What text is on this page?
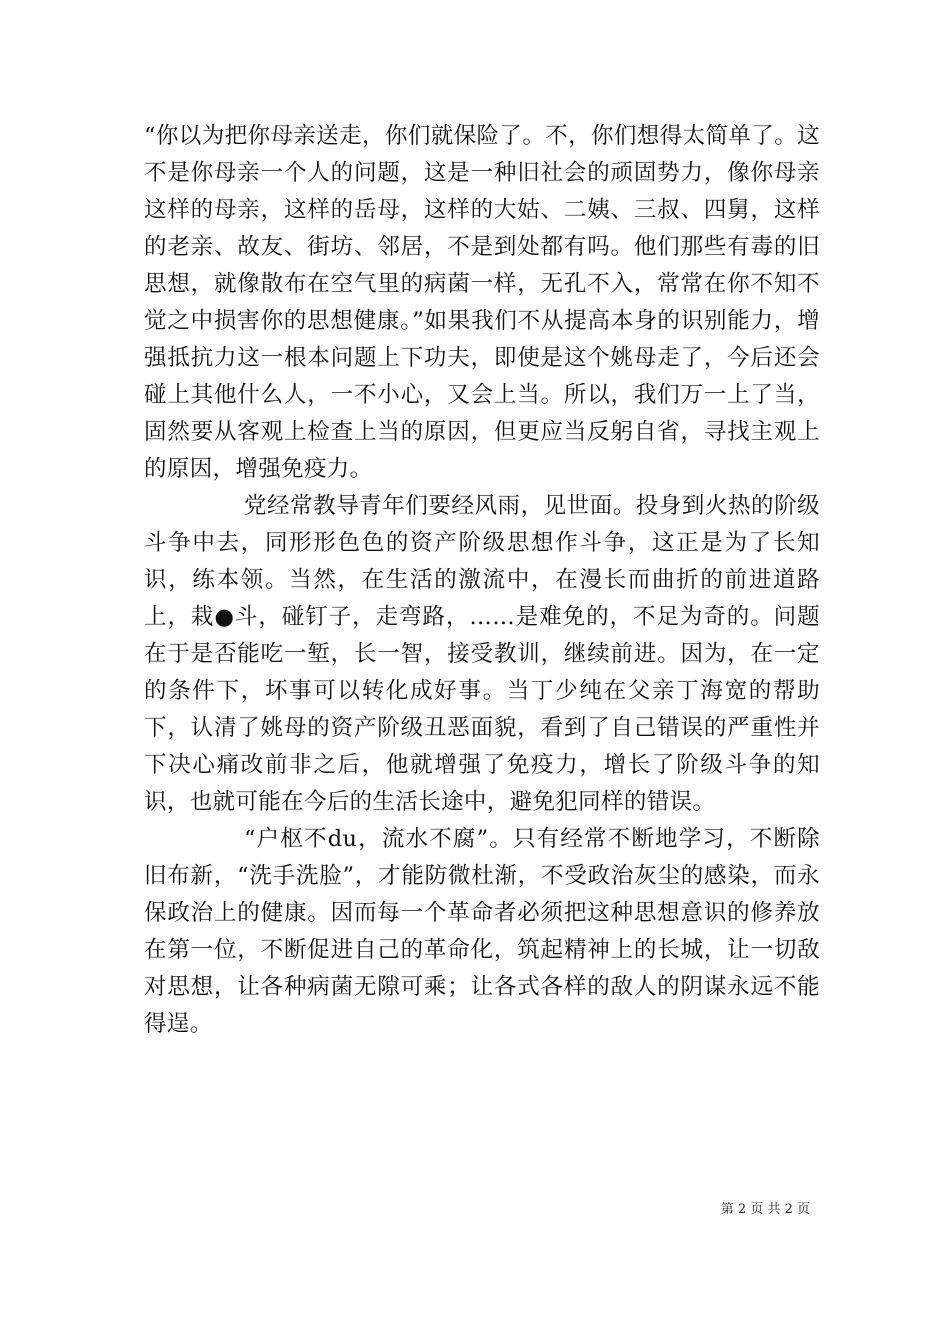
“你以为把你母亲送走，你们就保险了。不，你们想得太简单了。这不是你母亲一个人的问题，这是一种旧社会的顽固势力，像你母亲这样的母亲，这样的岳母，这样的大姑、二姨、三叔、四舅，这样的老亲、故友、街坊、邻居，不是到处都有吗。他们那些有毒的旧思想，就像散布在空气里的病菌一样，无孔不入，常常在你不知不觉之中损害你的思想健康。”如果我们不从提高本身的识别能力，增强抵抗力这一根本问题上下功夫，即使是这个姚母走了，今后还会碰上其他什么人，一不小心，又会上当。所以，我们万一上了当，固然要从客观上检查上当的原因，但更应当反躬自省，寻找主观上的原因，增强免疫力。

党经常教导青年们要经风雨，见世面。投身到火热的阶级斗争中去，同形形色色的资产阶级思想作斗争，这正是为了长知识，练本领。当然，在生活的激流中，在漫长而曲折的前进道路上，栽●斗，碰钉子，走弯路，……是难免的，不足为奇的。问题在于是否能吃一堑，长一智，接受教训，继续前进。因为，在一定的条件下，坏事可以转化成好事。当丁少纯在父亲丁海宽的帮助下，认清了姚母的资产阶级丑恶面貌，看到了自己错误的严重性并下决心痛改前非之后，他就增强了免疫力，增长了阶级斗争的知识，也就可能在今后的生活长途中，避免犯同样的错误。

“户枢不du，流水不腐”。只有经常不断地学习，不断除旧布新，“洗手洗脸”，才能防微杜渐，不受政治灰尘的感染，而永保政治上的健康。因而每一个革命者必须把这种思想意识的修养放在第一位，不断促进自己的革命化，筑起精神上的长城，让一切敌对思想，让各种病菌无隙可乘；让各式各样的敌人的阴谋永远不能得逞。

第 2 页 共 2 页
